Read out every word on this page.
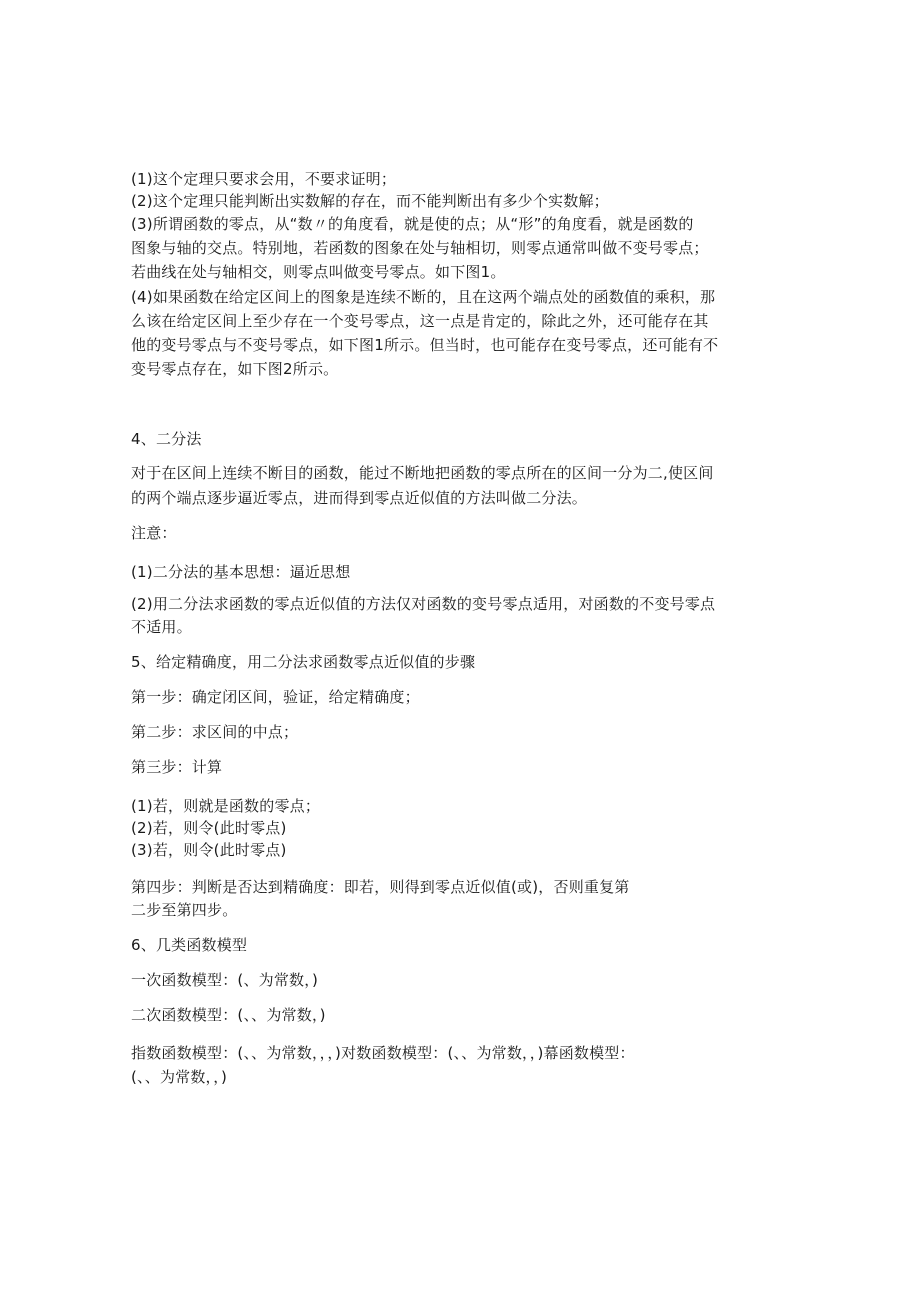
(1)这个定理只要求会用，不要求证明；
(2)这个定理只能判断出实数解的存在，而不能判断出有多少个实数解；
(3)所谓函数的零点，从“数〃的角度看，就是使的点；从“形”的角度看，就是函数的
图象与轴的交点。特别地，若函数的图象在处与轴相切，则零点通常叫做不变号零点；
若曲线在处与轴相交，则零点叫做变号零点。如下图1。
(4)如果函数在给定区间上的图象是连续不断的，且在这两个端点处的函数值的乘积，那
么该在给定区间上至少存在一个变号零点，这一点是肯定的，除此之外，还可能存在其
他的变号零点与不变号零点，如下图1所示。但当时，也可能存在变号零点，还可能有不
变号零点存在，如下图2所示。
4、二分法
对于在区间上连续不断目的函数，能过不断地把函数的零点所在的区间一分为二,使区间
的两个端点逐步逼近零点，进而得到零点近似值的方法叫做二分法。
注意：
(1)二分法的基本思想：逼近思想
(2)用二分法求函数的零点近似值的方法仅对函数的变号零点适用，对函数的不变号零点
不适用。
5、给定精确度，用二分法求函数零点近似值的步骤
第一步：确定闭区间，验证，给定精确度；
第二步：求区间的中点；
第三步：计算
(1)若，则就是函数的零点；
(2)若，则令(此时零点)
(3)若，则令(此时零点)
第四步：判断是否达到精确度：即若，则得到零点近似值(或)，否则重复第
二步至第四步。
6、几类函数模型
一次函数模型：(、为常数，)
二次函数模型：(、、为常数，)
指数函数模型：(、、为常数，，，)对数函数模型：(、、为常数，，)幕函数模型：
(、、为常数，，)
